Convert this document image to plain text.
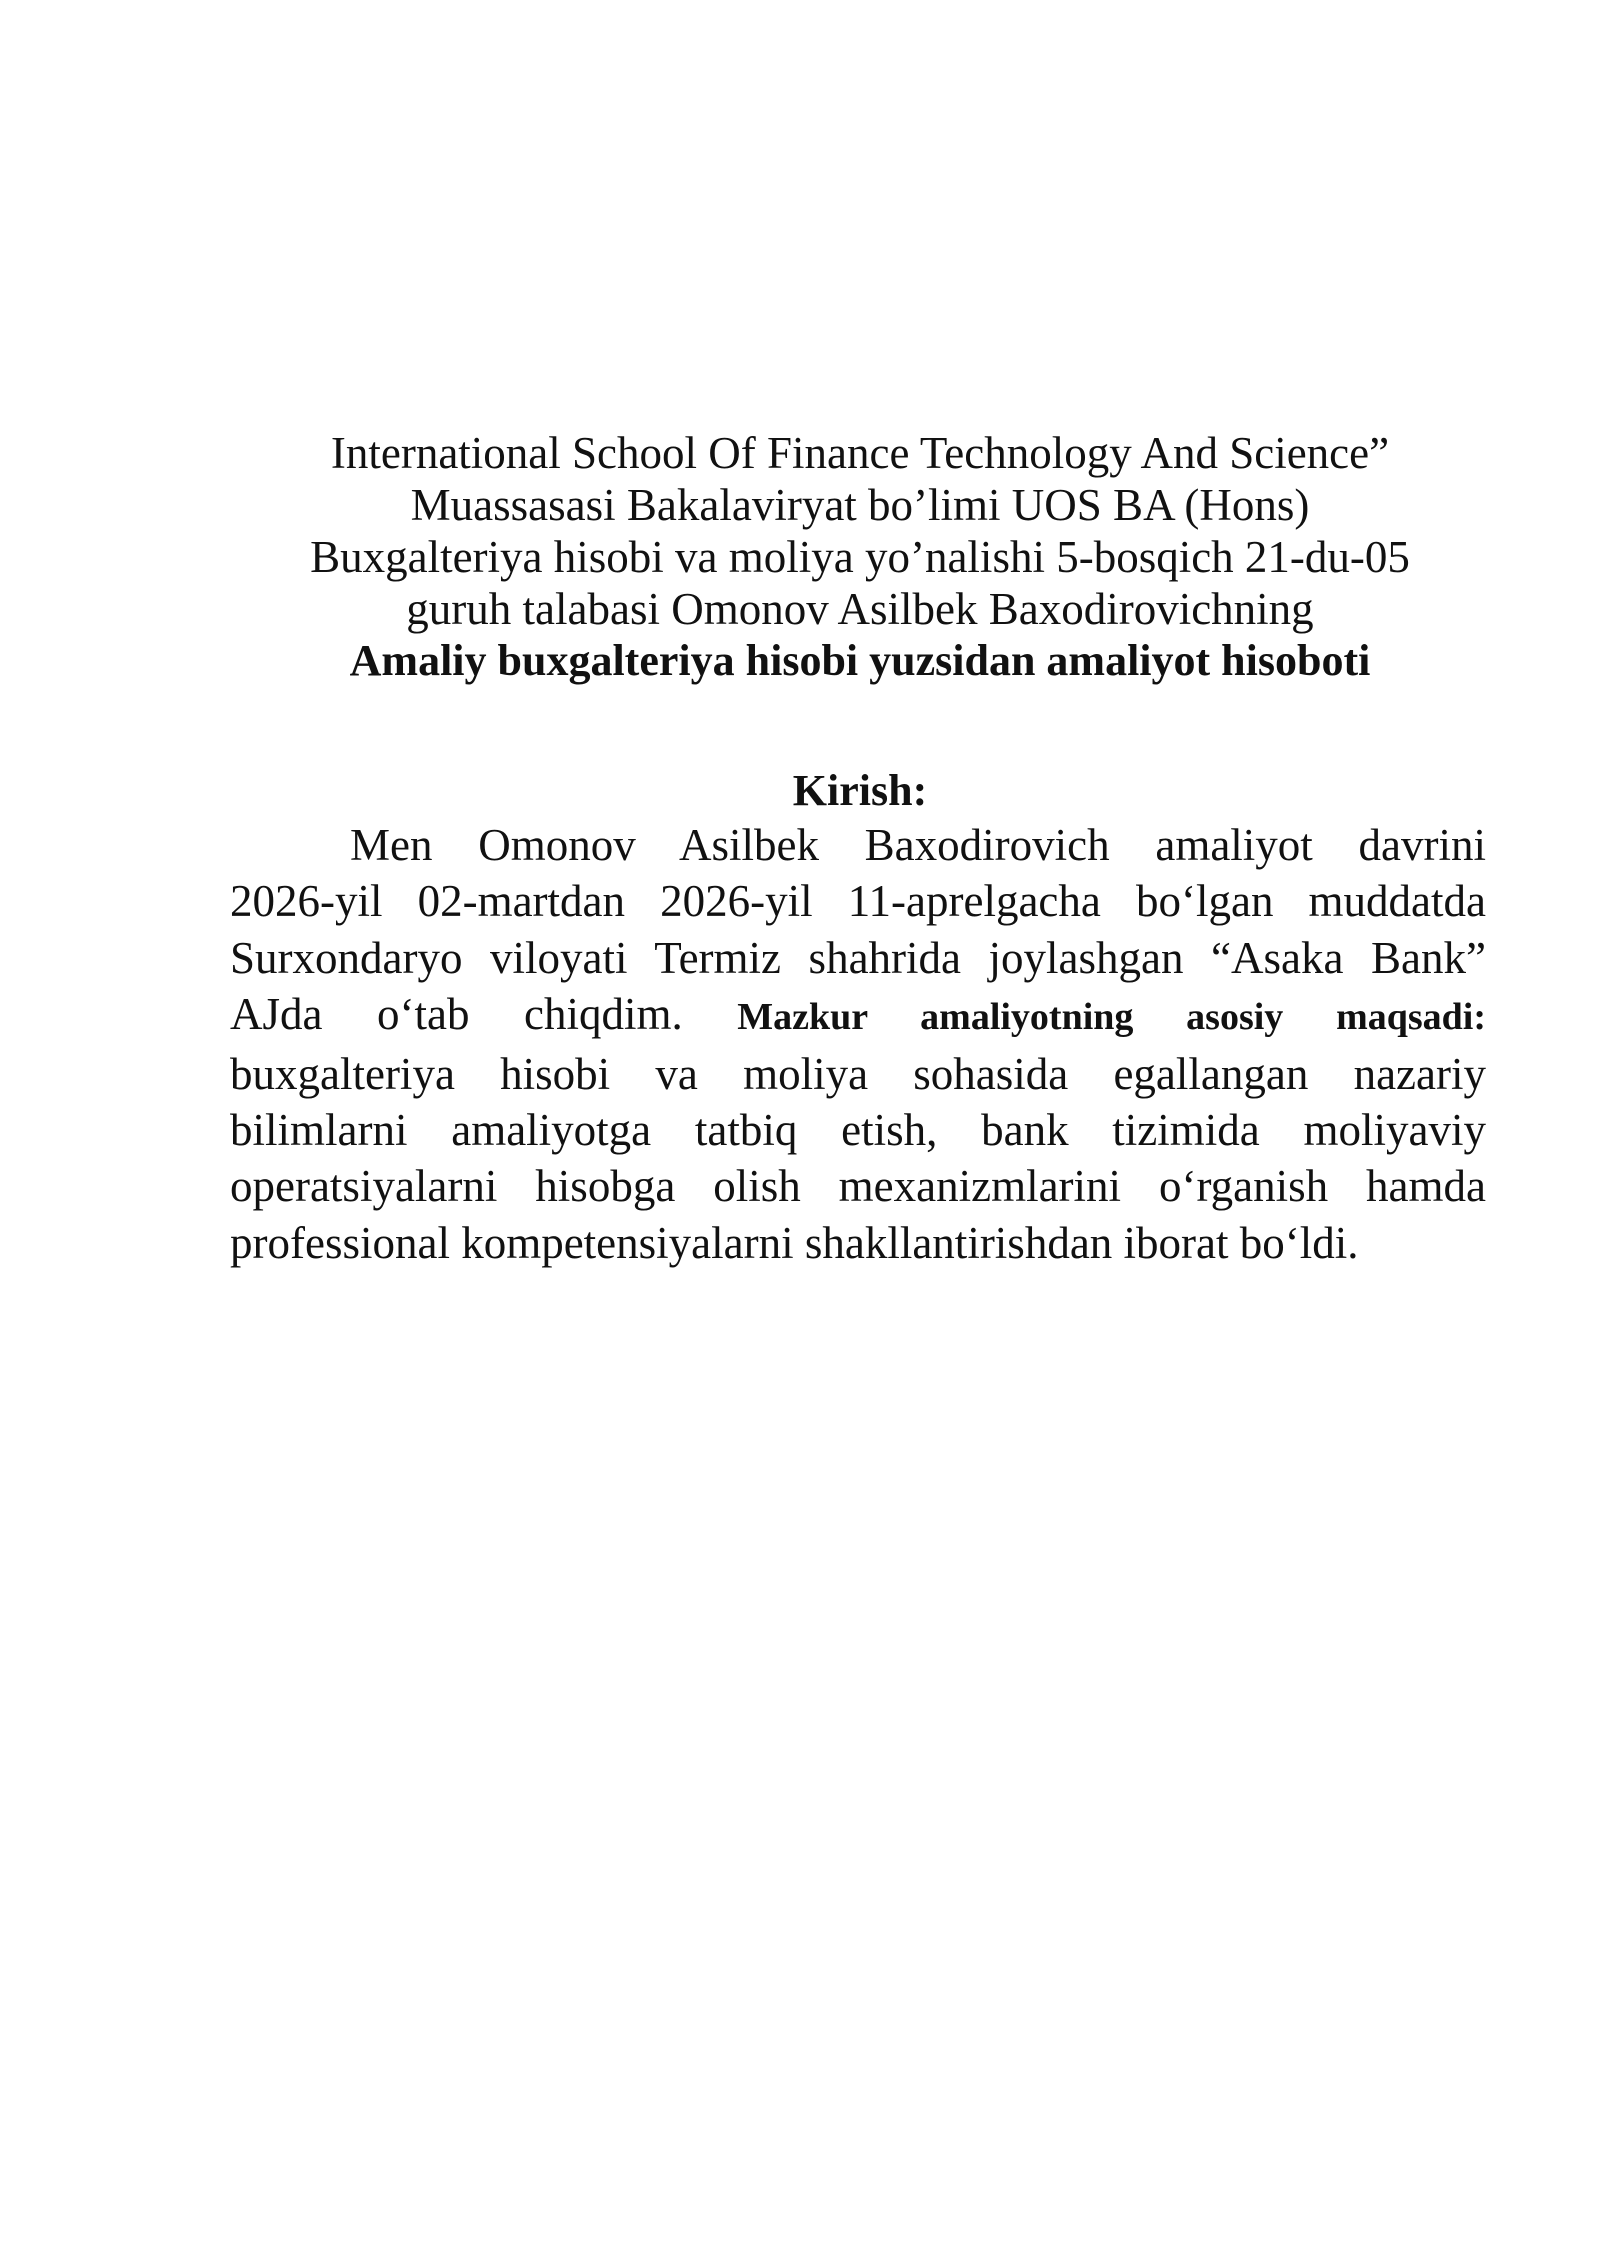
International School Of Finance Technology And Science”
Muassasasi Bakalaviryat bo’limi UOS BA (Hons)
Buxgalteriya hisobi va moliya yo’nalishi 5-bosqich 21-du-05
guruh talabasi Omonov Asilbek Baxodirovichning
Amaliy buxgalteriya hisobi yuzsidan amaliyot hisoboti
Kirish:
Men Omonov Asilbek Baxodirovich amaliyot davrini
2026-yil 02-martdan 2026-yil 11-aprelgacha bo‘lgan muddatda
Surxondaryo viloyati Termiz shahrida joylashgan “Asaka Bank”
AJda o‘tab chiqdim. Mazkur amaliyotning asosiy maqsadi:
buxgalteriya hisobi va moliya sohasida egallangan nazariy
bilimlarni amaliyotga tatbiq etish, bank tizimida moliyaviy
operatsiyalarni hisobga olish mexanizmlarini o‘rganish hamda
professional kompetensiyalarni shakllantirishdan iborat bo‘ldi.
